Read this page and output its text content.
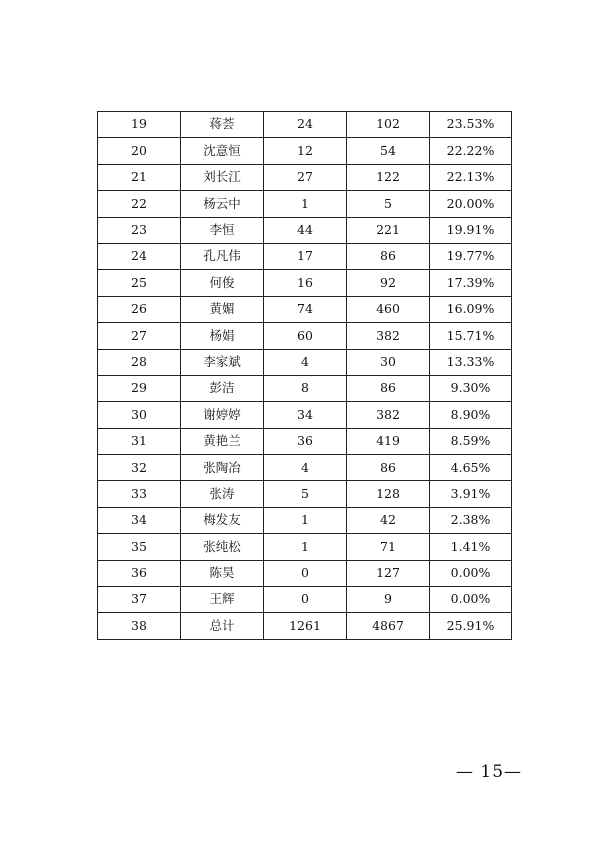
19	蒋荟	24	102	23.53%
20	沈意恒	12	54	22.22%
21	刘长江	27	122	22.13%
22	杨云中	1	5	20.00%
23	李恒	44	221	19.91%
24	孔凡伟	17	86	19.77%
25	何俊	16	92	17.39%
26	黄媚	74	460	16.09%
27	杨娟	60	382	15.71%
28	李家斌	4	30	13.33%
29	彭洁	8	86	9.30%
30	谢婷婷	34	382	8.90%
31	黄艳兰	36	419	8.59%
32	张陶冶	4	86	4.65%
33	张涛	5	128	3.91%
34	梅发友	1	42	2.38%
35	张纯松	1	71	1.41%
36	陈昊	0	127	0.00%
37	王辉	0	9	0.00%
38	总计	1261	4867	25.91%
— 15—
